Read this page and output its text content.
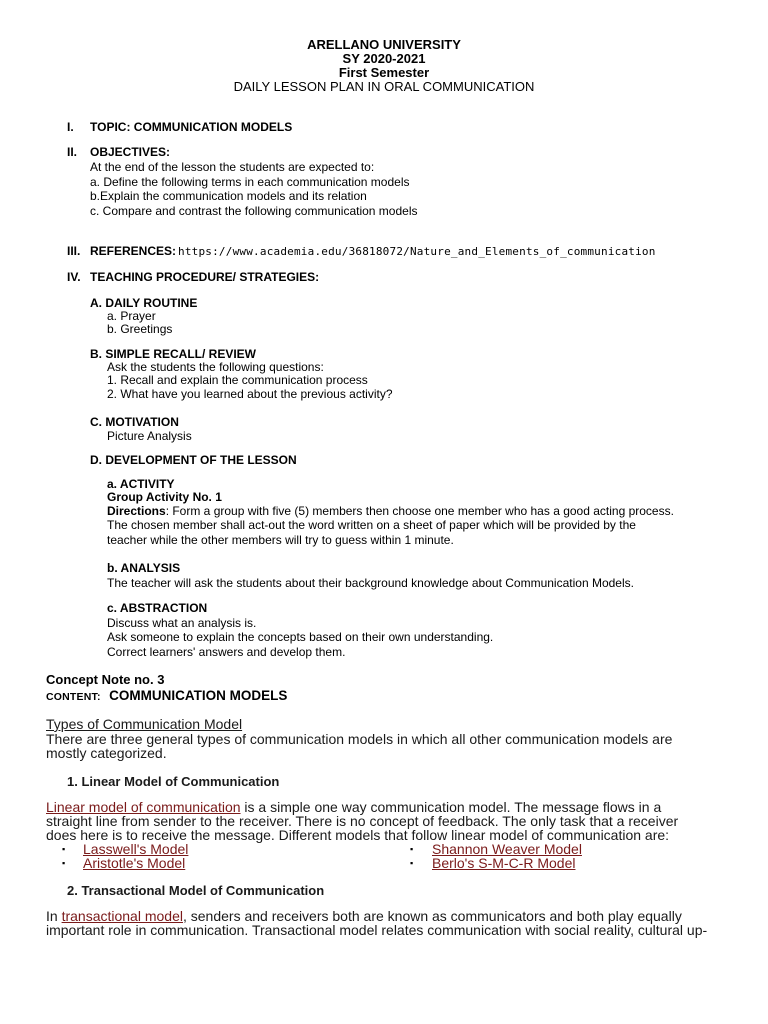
ARELLANO UNIVERSITY
SY 2020-2021
First Semester
DAILY LESSON PLAN IN ORAL COMMUNICATION
I. TOPIC: COMMUNICATION MODELS
II. OBJECTIVES:
At the end of the lesson the students are expected to:
a. Define the following terms in each communication models
b.Explain the communication models and its relation
c. Compare and contrast the following communication models
III. REFERENCES: https://www.academia.edu/36818072/Nature_and_Elements_of_communication
IV. TEACHING PROCEDURE/ STRATEGIES:
A. DAILY ROUTINE
a. Prayer
b. Greetings
B. SIMPLE RECALL/ REVIEW
Ask the students the following questions:
1. Recall and explain the communication process
2. What have you learned about the previous activity?
C. MOTIVATION
Picture Analysis
D. DEVELOPMENT OF THE LESSON
a. ACTIVITY
Group Activity No. 1
Directions: Form a group with five (5) members then choose one member who has a good acting process.
The chosen member shall act-out the word written on a sheet of paper which will be provided by the
teacher while the other members will try to guess within 1 minute.
b. ANALYSIS
The teacher will ask the students about their background knowledge about Communication Models.
c. ABSTRACTION
Discuss what an analysis is.
Ask someone to explain the concepts based on their own understanding.
Correct learners' answers and develop them.
Concept Note no. 3
CONTENT: COMMUNICATION MODELS
Types of Communication Model
There are three general types of communication models in which all other communication models are
mostly categorized.
1. Linear Model of Communication
Linear model of communication is a simple one way communication model. The message flows in a
straight line from sender to the receiver. There is no concept of feedback. The only task that a receiver
does here is to receive the message. Different models that follow linear model of communication are:
▪ Lasswell's Model	▪ Shannon Weaver Model
▪ Aristotle's Model	▪ Berlo's S-M-C-R Model
2. Transactional Model of Communication
In transactional model, senders and receivers both are known as communicators and both play equally
important role in communication. Transactional model relates communication with social reality, cultural up-
